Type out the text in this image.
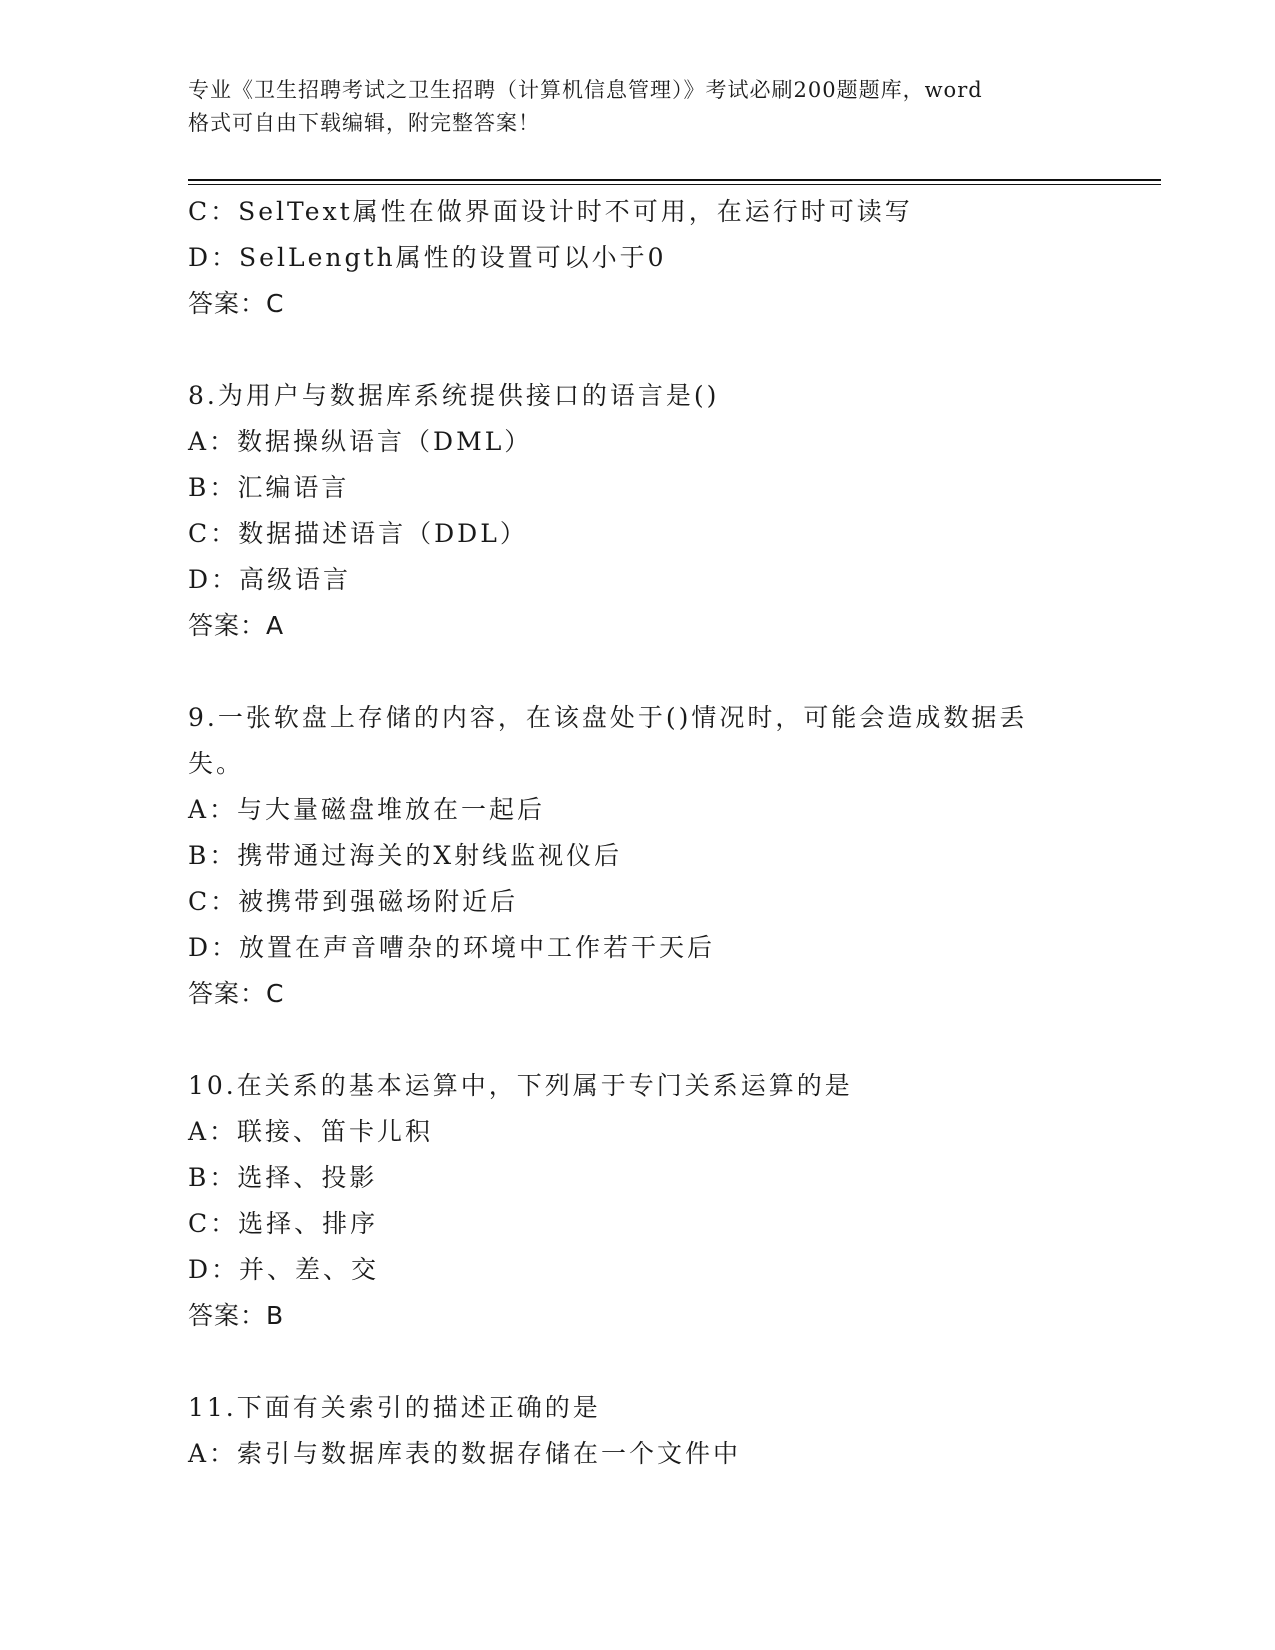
专业《卫生招聘考试之卫生招聘（计算机信息管理）》考试必刷200题题库，word
格式可自由下载编辑，附完整答案！
C：SelText属性在做界面设计时不可用，在运行时可读写
D：SelLength属性的设置可以小于0
答案：C
8.为用户与数据库系统提供接口的语言是()
A：数据操纵语言（DML）
B：汇编语言
C：数据描述语言（DDL）
D：高级语言
答案：A
9.一张软盘上存储的内容，在该盘处于()情况时，可能会造成数据丢
失。
A：与大量磁盘堆放在一起后
B：携带通过海关的X射线监视仪后
C：被携带到强磁场附近后
D：放置在声音嘈杂的环境中工作若干天后
答案：C
10.在关系的基本运算中，下列属于专门关系运算的是
A：联接、笛卡儿积
B：选择、投影
C：选择、排序
D：并、差、交
答案：B
11.下面有关索引的描述正确的是
A：索引与数据库表的数据存储在一个文件中
